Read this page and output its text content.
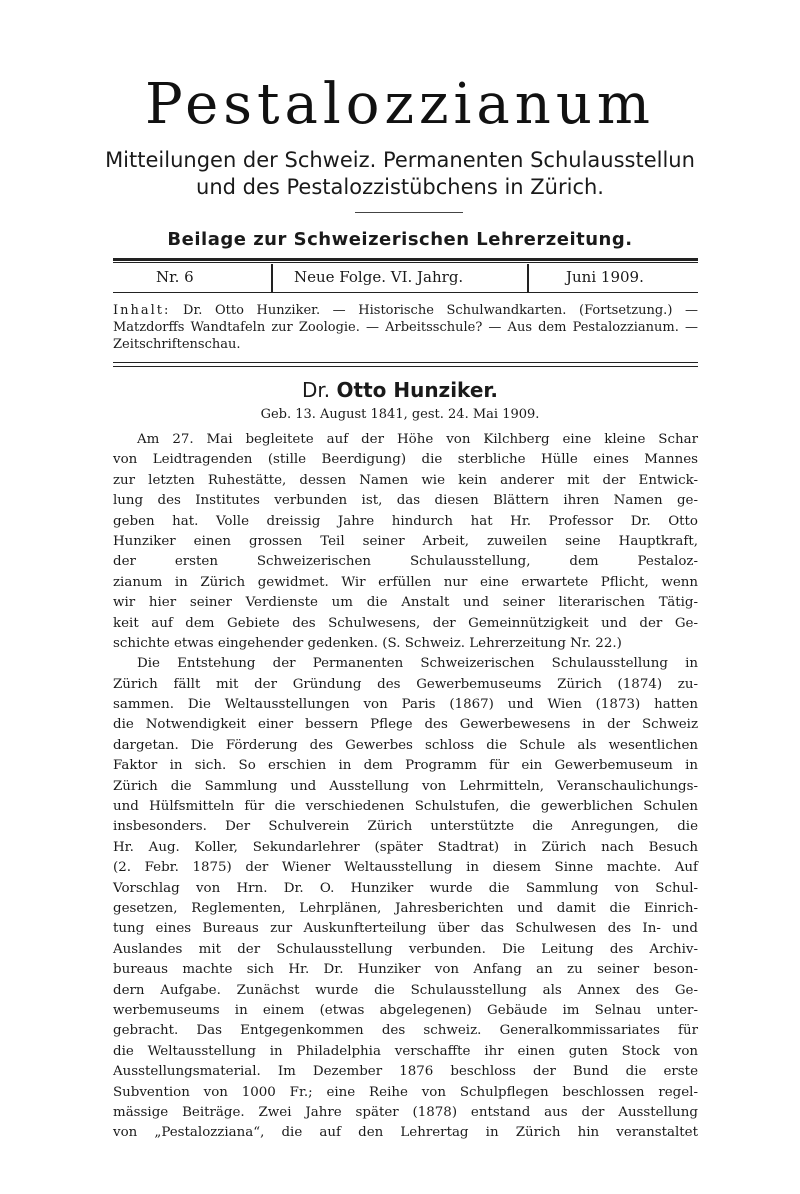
Pestalozzianum
Mitteilungen der Schweiz. Permanenten Schulausstellun
und des Pestalozzistübchens in Zürich.
Beilage zur Schweizerischen Lehrerzeitung.
Nr. 6	Neue Folge. VI. Jahrg.	Juni 1909.
Inhalt: Dr. Otto Hunziker. — Historische Schulwandkarten. (Fortsetzung.) — Matzdorffs Wandtafeln zur Zoologie. — Arbeitsschule? — Aus dem Pestalozzianum. — Zeitschriftenschau.
Dr. Otto Hunziker.
Geb. 13. August 1841, gest. 24. Mai 1909.
Am 27. Mai begleitete auf der Höhe von Kilchberg eine kleine Schar
von Leidtragenden (stille Beerdigung) die sterbliche Hülle eines Mannes
zur letzten Ruhestätte, dessen Namen wie kein anderer mit der Entwick-
lung des Institutes verbunden ist, das diesen Blättern ihren Namen ge-
geben hat. Volle dreissig Jahre hindurch hat Hr. Professor Dr. Otto
Hunziker einen grossen Teil seiner Arbeit, zuweilen seine Hauptkraft,
der ersten Schweizerischen Schulausstellung, dem Pestaloz-
zianum in Zürich gewidmet. Wir erfüllen nur eine erwartete Pflicht, wenn
wir hier seiner Verdienste um die Anstalt und seiner literarischen Tätig-
keit auf dem Gebiete des Schulwesens, der Gemeinnützigkeit und der Ge-
schichte etwas eingehender gedenken. (S. Schweiz. Lehrerzeitung Nr. 22.)
Die Entstehung der Permanenten Schweizerischen Schulausstellung in
Zürich fällt mit der Gründung des Gewerbemuseums Zürich (1874) zu-
sammen. Die Weltausstellungen von Paris (1867) und Wien (1873) hatten
die Notwendigkeit einer bessern Pflege des Gewerbewesens in der Schweiz
dargetan. Die Förderung des Gewerbes schloss die Schule als wesentlichen
Faktor in sich. So erschien in dem Programm für ein Gewerbemuseum in
Zürich die Sammlung und Ausstellung von Lehrmitteln, Veranschaulichungs-
und Hülfsmitteln für die verschiedenen Schulstufen, die gewerblichen Schulen
insbesonders. Der Schulverein Zürich unterstützte die Anregungen, die
Hr. Aug. Koller, Sekundarlehrer (später Stadtrat) in Zürich nach Besuch
(2. Febr. 1875) der Wiener Weltausstellung in diesem Sinne machte. Auf
Vorschlag von Hrn. Dr. O. Hunziker wurde die Sammlung von Schul-
gesetzen, Reglementen, Lehrplänen, Jahresberichten und damit die Einrich-
tung eines Bureaus zur Auskunfterteilung über das Schulwesen des In- und
Auslandes mit der Schulausstellung verbunden. Die Leitung des Archiv-
bureaus machte sich Hr. Dr. Hunziker von Anfang an zu seiner beson-
dern Aufgabe. Zunächst wurde die Schulausstellung als Annex des Ge-
werbemuseums in einem (etwas abgelegenen) Gebäude im Selnau unter-
gebracht. Das Entgegenkommen des schweiz. Generalkommissariates für
die Weltausstellung in Philadelphia verschaffte ihr einen guten Stock von
Ausstellungsmaterial. Im Dezember 1876 beschloss der Bund die erste
Subvention von 1000 Fr.; eine Reihe von Schulpflegen beschlossen regel-
mässige Beiträge. Zwei Jahre später (1878) entstand aus der Ausstellung
von „Pestalozziana“, die auf den Lehrertag in Zürich hin veranstaltet
